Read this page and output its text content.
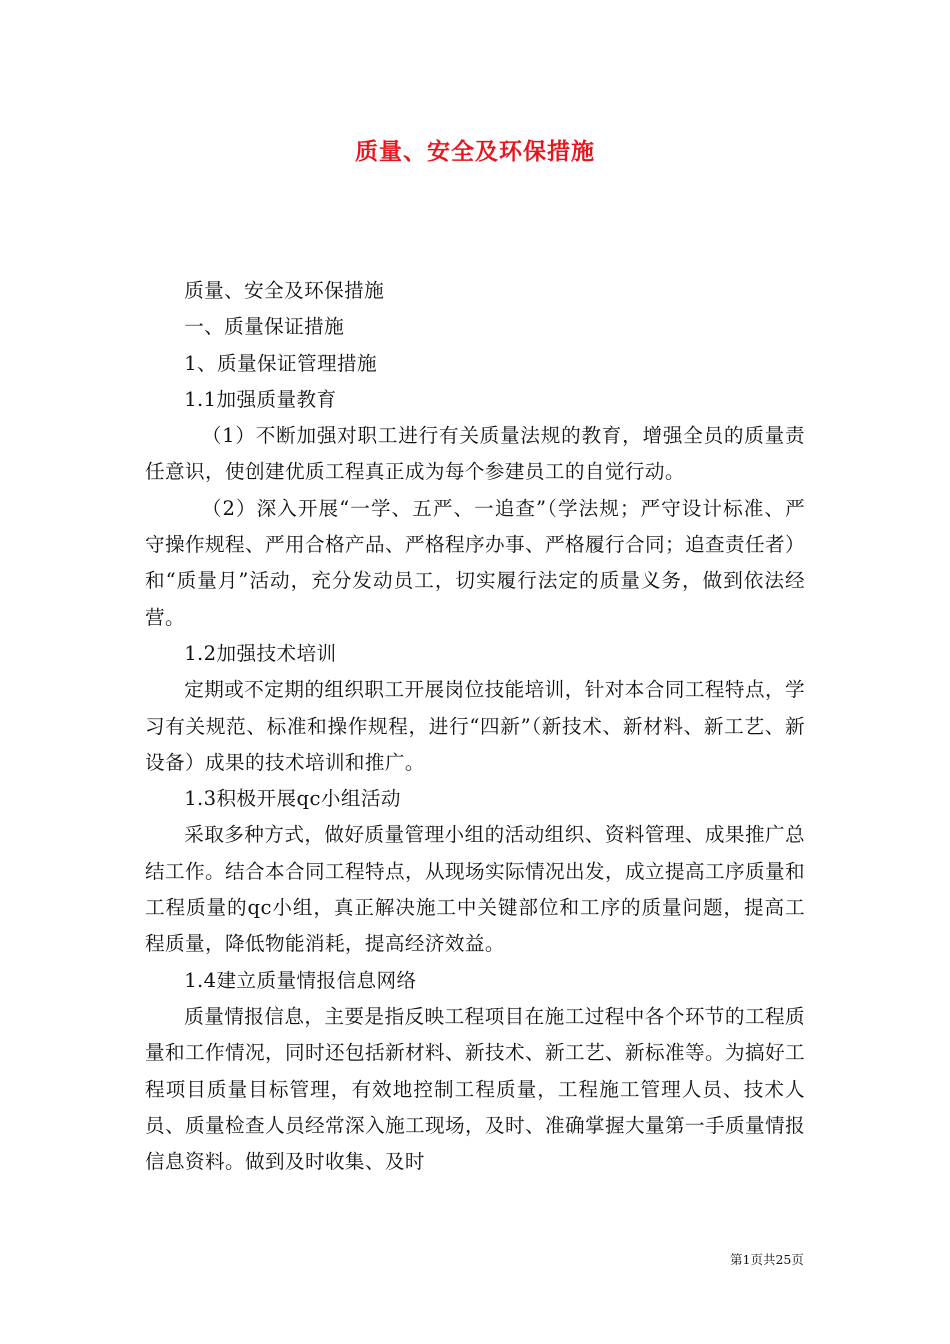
质量、安全及环保措施

质量、安全及环保措施

一、质量保证措施

1、质量保证管理措施

1.1加强质量教育

（1）不断加强对职工进行有关质量法规的教育，增强全员的质量责任意识，使创建优质工程真正成为每个参建员工的自觉行动。

（2）深入开展“一学、五严、一追查”（学法规；严守设计标准、严守操作规程、严用合格产品、严格程序办事、严格履行合同；追查责任者）和“质量月”活动，充分发动员工，切实履行法定的质量义务，做到依法经营。

1.2加强技术培训

定期或不定期的组织职工开展岗位技能培训，针对本合同工程特点，学习有关规范、标准和操作规程，进行“四新”（新技术、新材料、新工艺、新设备）成果的技术培训和推广。

1.3积极开展qc小组活动

采取多种方式，做好质量管理小组的活动组织、资料管理、成果推广总结工作。结合本合同工程特点，从现场实际情况出发，成立提高工序质量和工程质量的qc小组，真正解决施工中关键部位和工序的质量问题，提高工程质量，降低物能消耗，提高经济效益。

1.4建立质量情报信息网络

质量情报信息，主要是指反映工程项目在施工过程中各个环节的工程质量和工作情况，同时还包括新材料、新技术、新工艺、新标准等。为搞好工程项目质量目标管理，有效地控制工程质量，工程施工管理人员、技术人员、质量检查人员经常深入施工现场，及时、准确掌握大量第一手质量情报信息资料。做到及时收集、及时

第1页共25页
